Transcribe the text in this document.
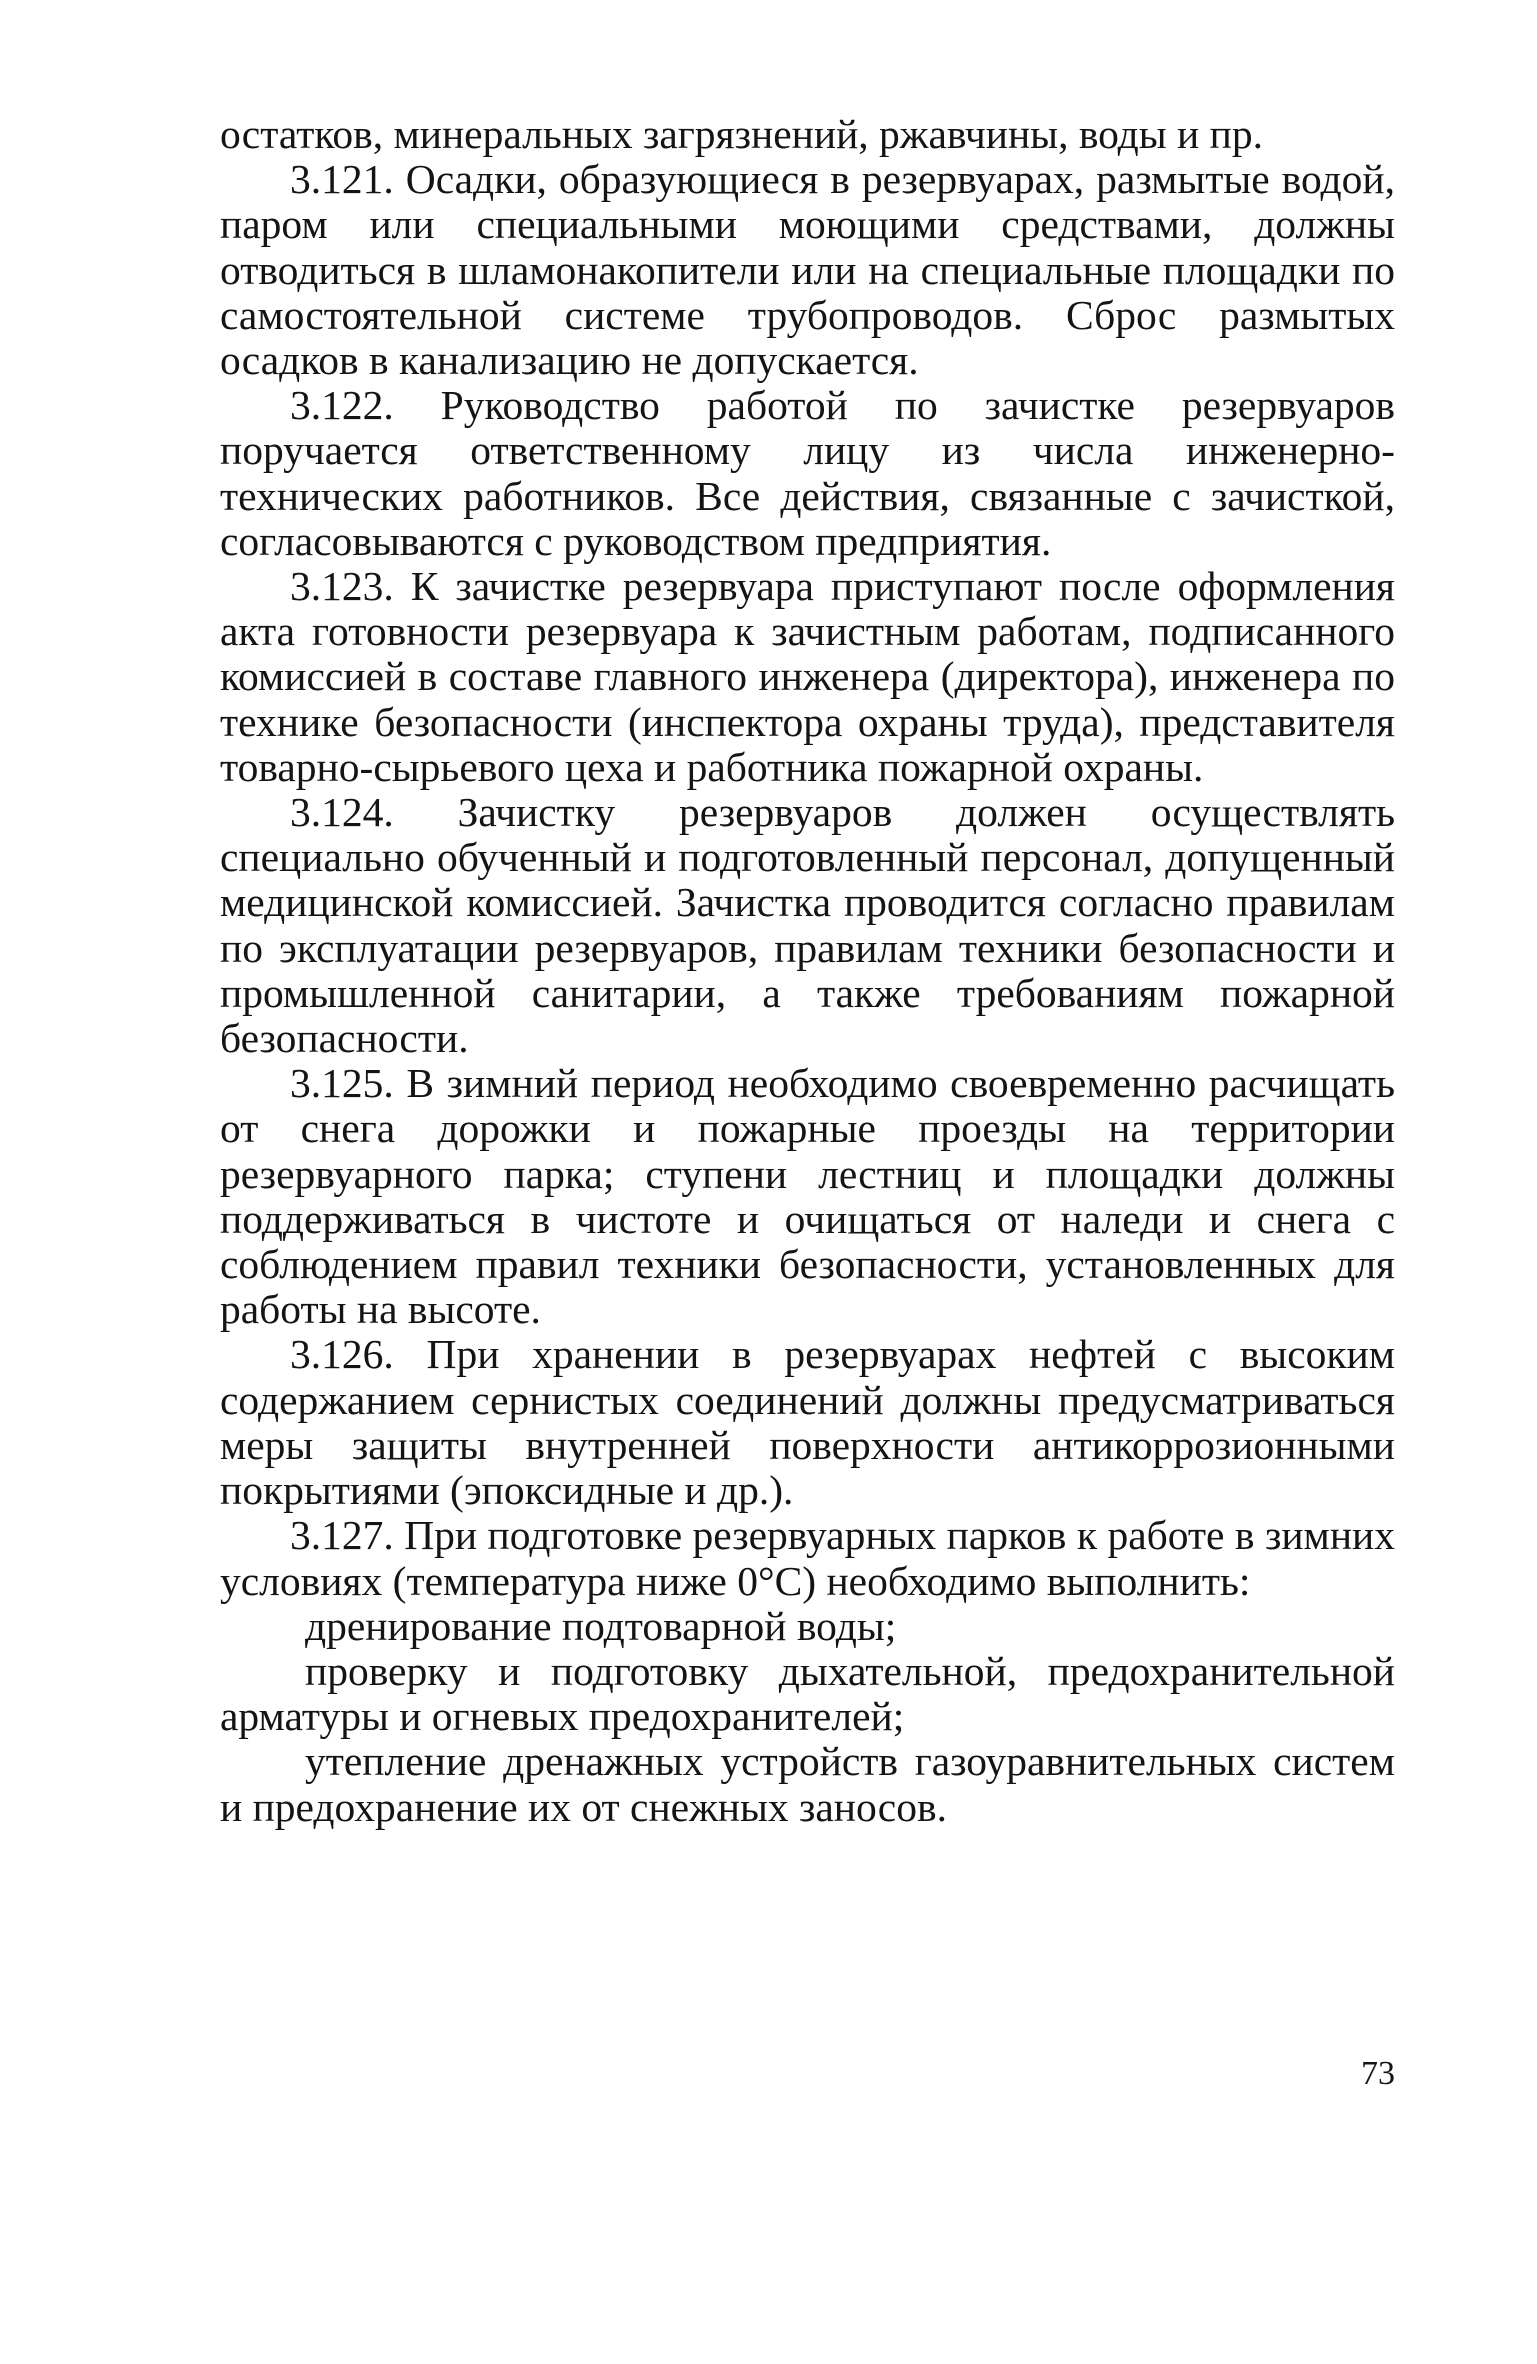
остатков, минеральных загрязнений, ржавчины, воды и пр.

3.121. Осадки, образующиеся в резервуарах, размытые водой, паром или специальными моющими средствами, должны отводиться в шламонакопители или на специальные площадки по самостоятельной системе трубопроводов. Сброс размытых осадков в канализацию не допускается.

3.122. Руководство работой по зачистке резервуаров поручается ответственному лицу из числа инженерно-технических работников. Все действия, связанные с зачисткой, согласовываются с руководством предприятия.

3.123. К зачистке резервуара приступают после оформления акта готовности резервуара к зачистным работам, подписанного комиссией в составе главного инженера (директора), инженера по технике безопасности (инспектора охраны труда), представителя товарно-сырьевого цеха и работника пожарной охраны.

3.124. Зачистку резервуаров должен осуществлять специально обученный и подготовленный персонал, допущенный медицинской комиссией. Зачистка проводится согласно правилам по эксплуатации резервуаров, правилам техники безопасности и промышленной санитарии, а также требованиям пожарной безопасности.

3.125. В зимний период необходимо своевременно расчищать от снега дорожки и пожарные проезды на территории резервуарного парка; ступени лестниц и площадки должны поддерживаться в чистоте и очищаться от наледи и снега с соблюдением правил техники безопасности, установленных для работы на высоте.

3.126. При хранении в резервуарах нефтей с высоким содержанием сернистых соединений должны предусматриваться меры защиты внутренней поверхности антикоррозионными покрытиями (эпоксидные и др.).

3.127. При подготовке резервуарных парков к работе в зимних условиях (температура ниже 0°С) необходимо выполнить:

дренирование подтоварной воды;

проверку и подготовку дыхательной, предохранительной арматуры и огневых предохранителей;

утепление дренажных устройств газоуравнительных систем и предохранение их от снежных заносов.

73
